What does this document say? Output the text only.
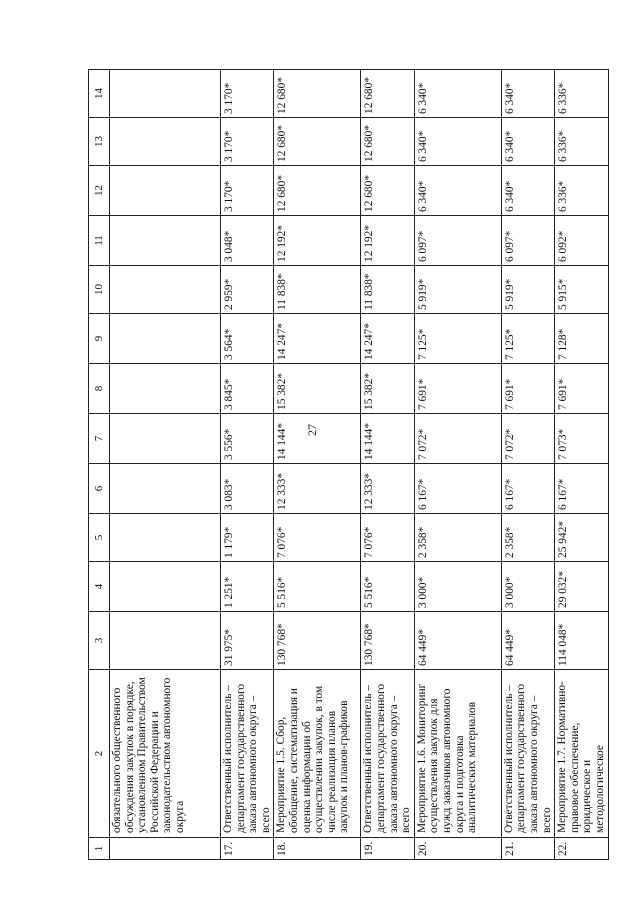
27
1	2	3	4	5	6	7	8	9	10	11	12	13	14
	обязательного общественного обсуждения закупок в порядке, установленном Правительством Российской Федерации и законодательством автономного округа												
17.	Ответственный исполнитель – департамент государственного заказа автономного округа – всего	31 975*	1 251*	1 179*	3 083*	3 556*	3 845*	3 564*	2 959*	3 048*	3 170*	3 170*	3 170*
18.	Мероприятие 1.5. Сбор, обобщение, систематизация и оценка информации об осуществлении закупок, в том числе реализация планов закупок и планов-графиков	130 768*	5 516*	7 076*	12 333*	14 144*	15 382*	14 247*	11 838*	12 192*	12 680*	12 680*	12 680*
19.	Ответственный исполнитель – департамент государственного заказа автономного округа – всего	130 768*	5 516*	7 076*	12 333*	14 144*	15 382*	14 247*	11 838*	12 192*	12 680*	12 680*	12 680*
20.	Мероприятие 1.6. Мониторинг осуществления закупок для нужд заказчиков автономного округа и подготовка аналитических материалов	64 449*	3 000*	2 358*	6 167*	7 072*	7 691*	7 125*	5 919*	6 097*	6 340*	6 340*	6 340*
21.	Ответственный исполнитель – департамент государственного заказа автономного округа – всего	64 449*	3 000*	2 358*	6 167*	7 072*	7 691*	7 125*	5 919*	6 097*	6 340*	6 340*	6 340*
22.	Мероприятие 1.7. Нормативно-правовое обеспечение, юридическое и методологическое	114 048*	29 032*	25 942*	6 167*	7 073*	7 691*	7 128*	5 915*	6 092*	6 336*	6 336*	6 336*
